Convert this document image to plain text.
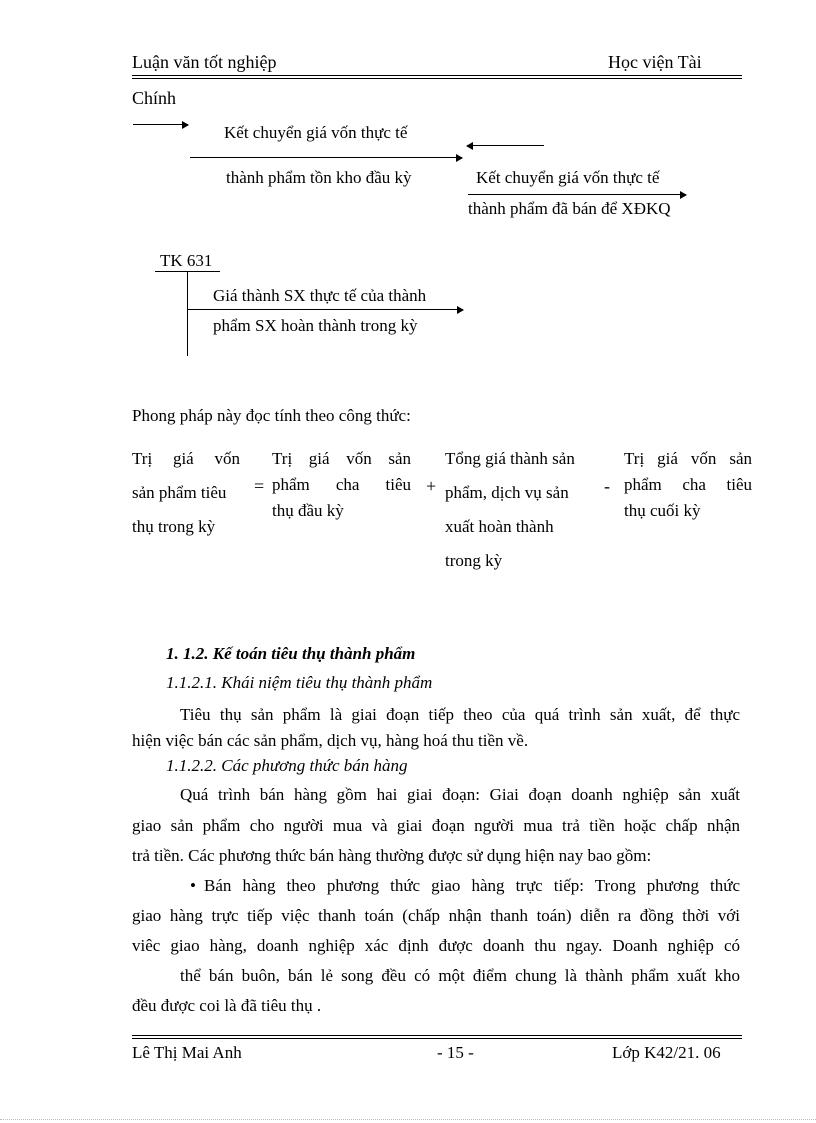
Luận văn tốt nghiệp	Học viện Tài
Chính
Kết chuyển giá vốn thực tế
thành phẩm tồn kho đầu kỳ	Kết chuyển giá vốn thực tế
thành phẩm đã bán để XĐKQ
TK 631
Giá thành SX thực tế của thành
phẩm SX hoàn thành trong kỳ
Phong pháp này đọc tính theo công thức:
Trị giá vốn
sản phẩm tiêu
thụ trong kỳ
=
Trị giá vốn sản
phẩm cha tiêu
thụ đầu kỳ
+
Tổng giá thành sản
phẩm, dịch vụ sản
xuất hoàn thành
trong kỳ
-
Trị giá vốn sản
phẩm cha tiêu
thụ cuối kỳ
1. 1.2. Kế toán tiêu thụ thành phẩm
1.1.2.1. Khái niệm tiêu thụ thành phẩm
Tiêu thụ sản phẩm là giai đoạn tiếp theo của quá trình sản xuất, để thực
hiện việc bán các sản phẩm, dịch vụ, hàng hoá thu tiền về.
1.1.2.2. Các phương thức bán hàng
Quá trình bán hàng gồm hai giai đoạn: Giai đoạn doanh nghiệp sản xuất
giao sản phẩm cho người mua và giai đoạn người mua trả tiền hoặc chấp nhận
trả tiền. Các phương thức bán hàng thường được sử dụng hiện nay bao gồm:
• Bán hàng theo phương thức giao hàng trực tiếp: Trong phương thức
giao hàng trực tiếp việc thanh toán (chấp nhận thanh toán) diễn ra đồng thời với
viêc giao hàng, doanh nghiệp xác định được doanh thu ngay. Doanh nghiệp có
thể bán buôn, bán lẻ song đều có một điểm chung là thành phẩm xuất kho
đều được coi là đã tiêu thụ .
Lê Thị Mai Anh	- 15 -	Lớp K42/21. 06
